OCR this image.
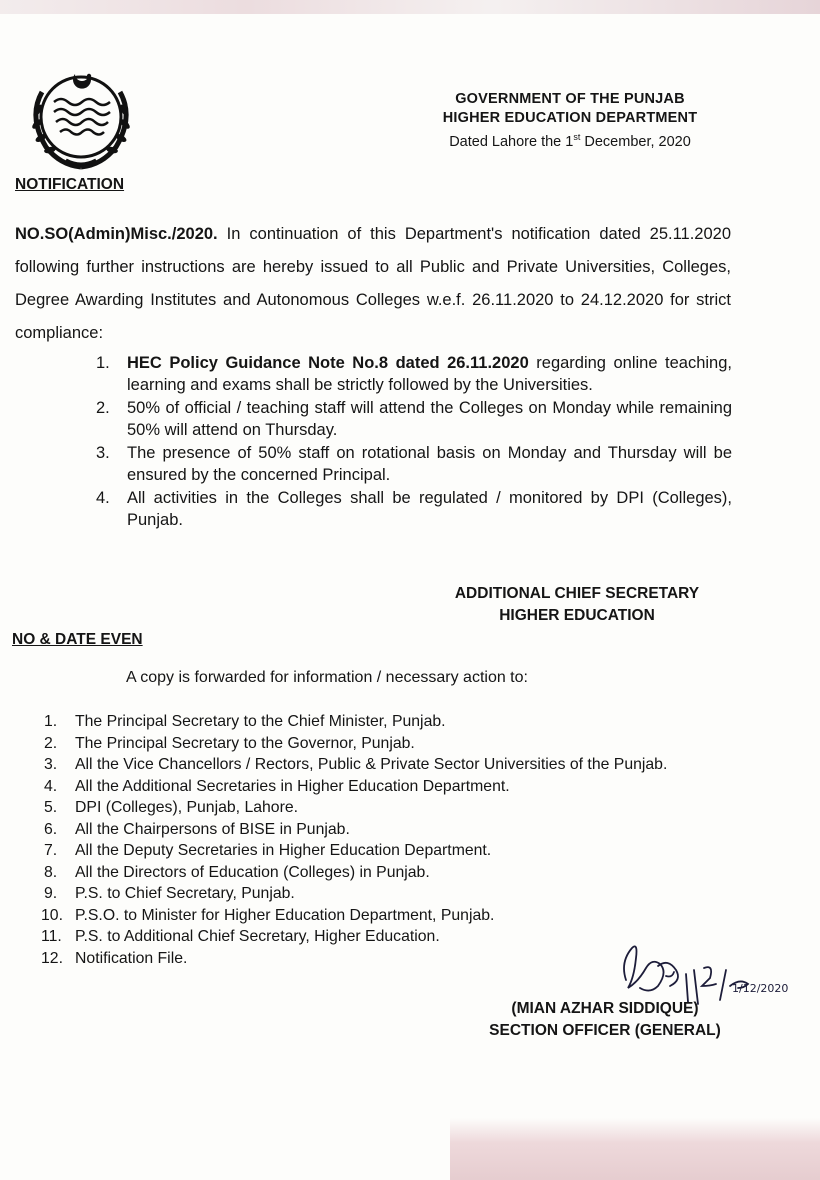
GOVERNMENT OF THE PUNJAB
HIGHER EDUCATION DEPARTMENT
Dated Lahore the 1st December, 2020
NOTIFICATION
NO.SO(Admin)Misc./2020. In continuation of this Department's notification dated 25.11.2020 following further instructions are hereby issued to all Public and Private Universities, Colleges, Degree Awarding Institutes and Autonomous Colleges w.e.f. 26.11.2020 to 24.12.2020 for strict compliance:
1. HEC Policy Guidance Note No.8 dated 26.11.2020 regarding online teaching, learning and exams shall be strictly followed by the Universities.
2. 50% of official / teaching staff will attend the Colleges on Monday while remaining 50% will attend on Thursday.
3. The presence of 50% staff on rotational basis on Monday and Thursday will be ensured by the concerned Principal.
4. All activities in the Colleges shall be regulated / monitored by DPI (Colleges), Punjab.
ADDITIONAL CHIEF SECRETARY
HIGHER EDUCATION
NO & DATE EVEN
A copy is forwarded for information / necessary action to:
1. The Principal Secretary to the Chief Minister, Punjab.
2. The Principal Secretary to the Governor, Punjab.
3. All the Vice Chancellors / Rectors, Public & Private Sector Universities of the Punjab.
4. All the Additional Secretaries in Higher Education Department.
5. DPI (Colleges), Punjab, Lahore.
6. All the Chairpersons of BISE in Punjab.
7. All the Deputy Secretaries in Higher Education Department.
8. All the Directors of Education (Colleges) in Punjab.
9. P.S. to Chief Secretary, Punjab.
10. P.S.O. to Minister for Higher Education Department, Punjab.
11. P.S. to Additional Chief Secretary, Higher Education.
12. Notification File.
1/12/2020
(MIAN AZHAR SIDDIQUE)
SECTION OFFICER (GENERAL)
